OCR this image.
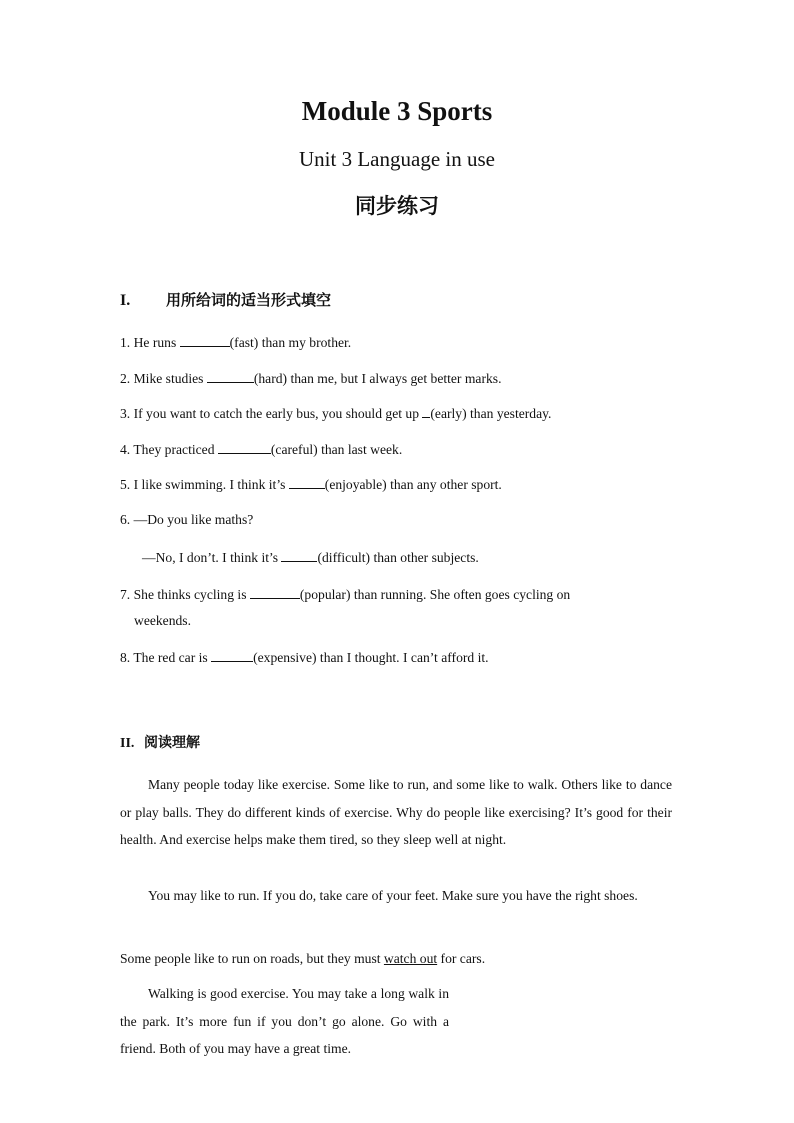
Module 3 Sports
Unit 3 Language in use
同步练习
I. 用所给词的适当形式填空
1. He runs	(fast) than my brother.
2. Mike studies	(hard) than me, but I always get better marks.
3. If you want to catch the early bus, you should get up (early) than yesterday.
4. They practiced	(careful) than last week.
5. I like swimming. I think it’s	(enjoyable) than any other sport.
6. —Do you like maths?
—No, I don’t. I think it’s	(difficult) than other subjects.
7. She thinks cycling is	(popular) than running. She often goes cycling on
weekends.
8. The red car is	(expensive) than I thought. I can’t afford it.
II. 阅读理解
Many people today like exercise. Some like to run, and some like to walk. Others like to dance or play balls. They do different kinds of exercise. Why do people like exercising? It’s good for their health. And exercise helps make them tired, so they sleep well at night.
You may like to run. If you do, take care of your feet. Make sure you have the right shoes.
Some people like to run on roads, but they must watch out for cars.
Walking is good exercise. You may take a long walk in the park. It’s more fun if you don’t go alone. Go with a friend. Both of you may have a great time.
